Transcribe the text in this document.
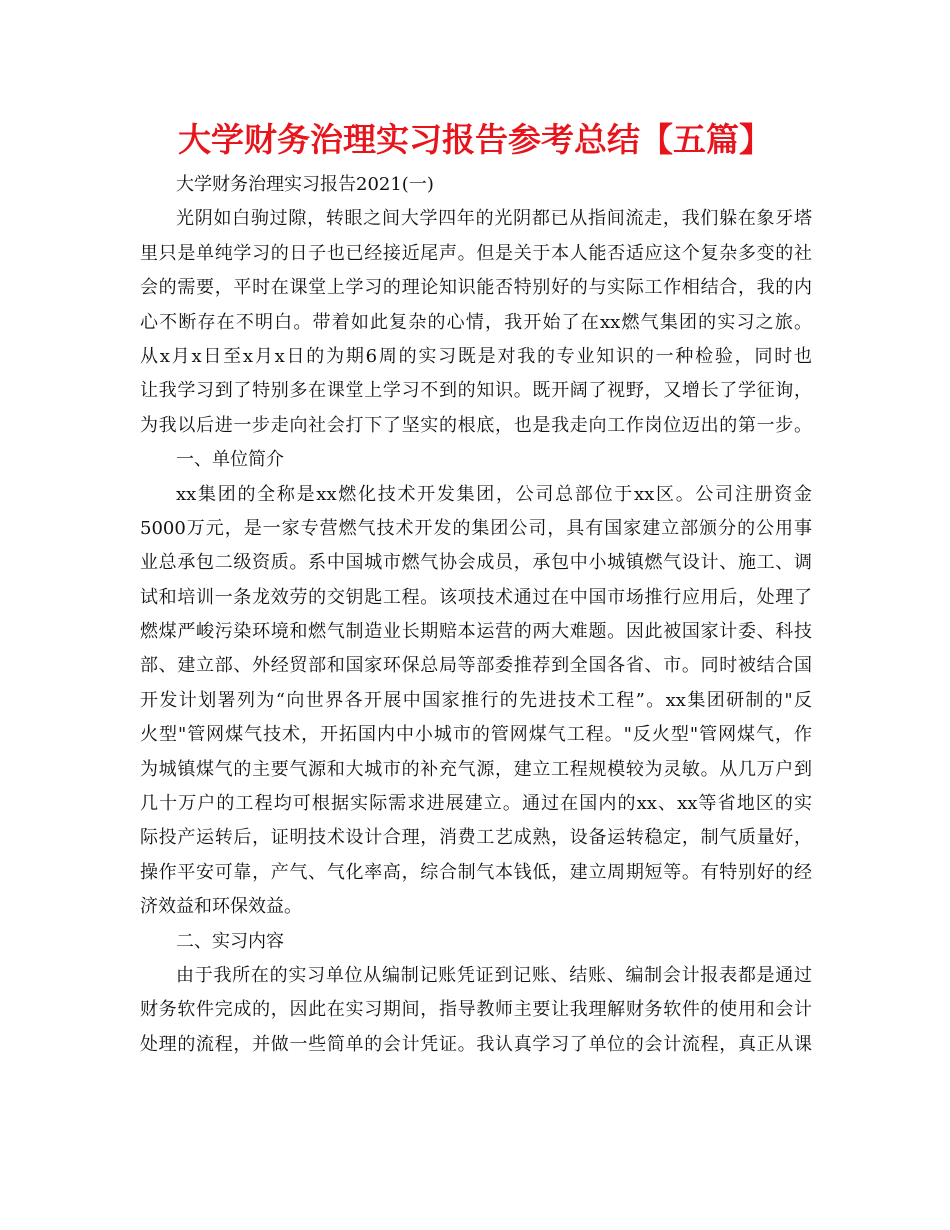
大学财务治理实习报告参考总结【五篇】
大学财务治理实习报告2021(一)
光阴如白驹过隙，转眼之间大学四年的光阴都已从指间流走，我们躲在象牙塔
里只是单纯学习的日子也已经接近尾声。但是关于本人能否适应这个复杂多变的社
会的需要，平时在课堂上学习的理论知识能否特别好的与实际工作相结合，我的内
心不断存在不明白。带着如此复杂的心情，我开始了在xx燃气集团的实习之旅。
从x月x日至x月x日的为期6周的实习既是对我的专业知识的一种检验，同时也
让我学习到了特别多在课堂上学习不到的知识。既开阔了视野，又增长了学征询，
为我以后进一步走向社会打下了坚实的根底，也是我走向工作岗位迈出的第一步。
一、单位简介
xx集团的全称是xx燃化技术开发集团，公司总部位于xx区。公司注册资金
5000万元，是一家专营燃气技术开发的集团公司，具有国家建立部颁分的公用事
业总承包二级资质。系中国城市燃气协会成员，承包中小城镇燃气设计、施工、调
试和培训一条龙效劳的交钥匙工程。该项技术通过在中国市场推行应用后，处理了
燃煤严峻污染环境和燃气制造业长期赔本运营的两大难题。因此被国家计委、科技
部、建立部、外经贸部和国家环保总局等部委推荐到全国各省、市。同时被结合国
开发计划署列为“向世界各开展中国家推行的先进技术工程”。xx集团研制的"反
火型"管网煤气技术，开拓国内中小城市的管网煤气工程。"反火型"管网煤气，作
为城镇煤气的主要气源和大城市的补充气源，建立工程规模较为灵敏。从几万户到
几十万户的工程均可根据实际需求进展建立。通过在国内的xx、xx等省地区的实
际投产运转后，证明技术设计合理，消费工艺成熟，设备运转稳定，制气质量好，
操作平安可靠，产气、气化率高，综合制气本钱低，建立周期短等。有特别好的经
济效益和环保效益。
二、实习内容
由于我所在的实习单位从编制记账凭证到记账、结账、编制会计报表都是通过
财务软件完成的，因此在实习期间，指导教师主要让我理解财务软件的使用和会计
处理的流程，并做一些简单的会计凭证。我认真学习了单位的会计流程，真正从课
